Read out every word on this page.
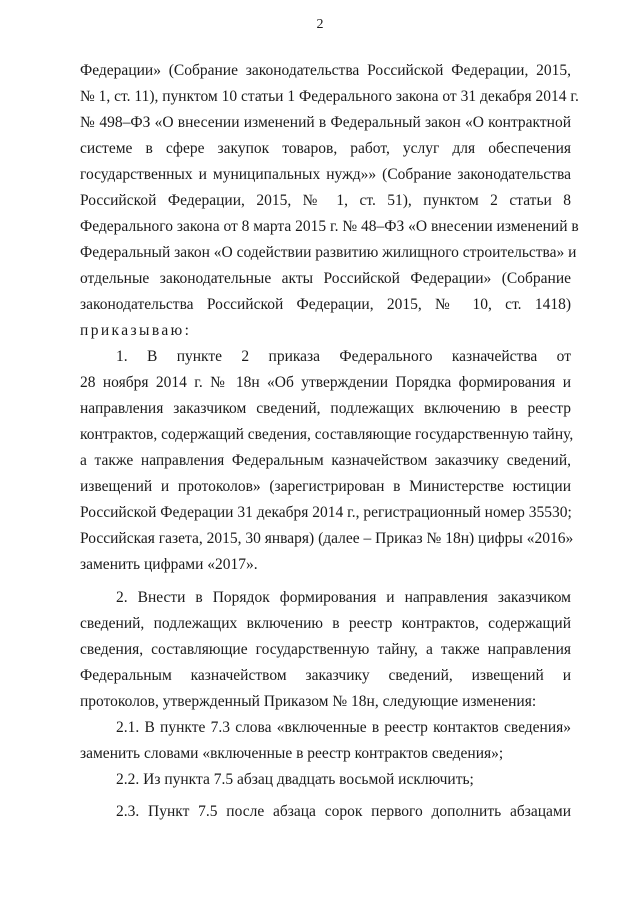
2
Федерации» (Собрание законодательства Российской Федерации, 2015,
№ 1, ст. 11), пунктом 10 статьи 1 Федерального закона от 31 декабря 2014 г.
№ 498–ФЗ «О внесении изменений в Федеральный закон «О контрактной
системе в сфере закупок товаров, работ, услуг для обеспечения
государственных и муниципальных нужд»» (Собрание законодательства
Российской Федерации, 2015, № 1, ст. 51), пунктом 2 статьи 8
Федерального закона от 8 марта 2015 г. № 48–ФЗ «О внесении изменений в
Федеральный закон «О содействии развитию жилищного строительства» и
отдельные законодательные акты Российской Федерации» (Собрание
законодательства Российской Федерации, 2015, № 10, ст. 1418)
приказываю:
1. В пункте 2 приказа Федерального казначейства от
28 ноября 2014 г. № 18н «Об утверждении Порядка формирования и
направления заказчиком сведений, подлежащих включению в реестр
контрактов, содержащий сведения, составляющие государственную тайну,
а также направления Федеральным казначейством заказчику сведений,
извещений и протоколов» (зарегистрирован в Министерстве юстиции
Российской Федерации 31 декабря 2014 г., регистрационный номер 35530;
Российская газета, 2015, 30 января) (далее – Приказ № 18н) цифры «2016»
заменить цифрами «2017».
2. Внести в Порядок формирования и направления заказчиком
сведений, подлежащих включению в реестр контрактов, содержащий
сведения, составляющие государственную тайну, а также направления
Федеральным казначейством заказчику сведений, извещений и
протоколов, утвержденный Приказом № 18н, следующие изменения:
2.1. В пункте 7.3 слова «включенные в реестр контактов сведения»
заменить словами «включенные в реестр контрактов сведения»;
2.2. Из пункта 7.5 абзац двадцать восьмой исключить;
2.3. Пункт 7.5 после абзаца сорок первого дополнить абзацами
